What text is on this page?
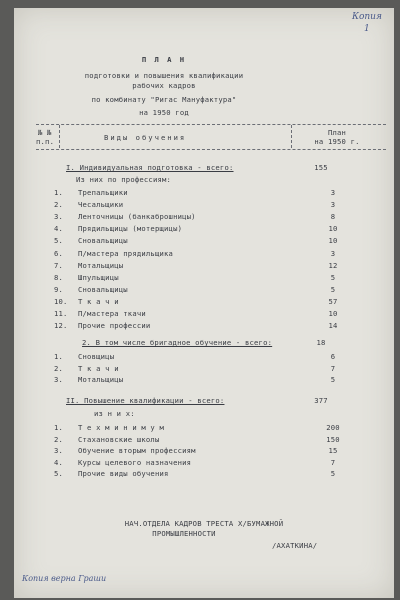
Копия
1
П Л А Н
подготовки и повышения квалификации
рабочих кадров
по комбинату "Ригас Мануфактура"
на 1950 год
№ №
п.п.	Виды обучения
План
на 1950 г.
I. Индивидуальная подготовка - всего:	155
Из них по профессиям:
1.	Трепальщики	3
2.	Чесальщики	3
3.	Ленточницы (банкаброшницы)	8
4.	Прядильщицы (мотерщицы)	10
5.	Сновальщицы	10
6.	П/мастера прядильщика	3
7.	Мотальщицы	12
8.	Шпульщицы	5
9.	Сновальщицы	5
10.	Т к а ч и	57
11.	П/мастера ткачи	10
12.	Прочие профессии	14
2. В том числе бригадное обучение - всего:	18
1.	Сновщицы	6
2.	Т к а ч и	7
3.	Мотальщицы	5
II. Повышение квалификации - всего:	377
из н и х:
1.	Т е х м и н и м у м	200
2.	Стахановские школы	150
3.	Обучение вторым профессиям	15
4.	Курсы целевого назначения	7
5.	Прочие виды обучения	5
НАЧ.ОТДЕЛА КАДРОВ ТРЕСТА Х/БУМАЖНОЙ
ПРОМЫШЛЕННОСТИ
/АХАТКИНА/
Копия верна Граши
